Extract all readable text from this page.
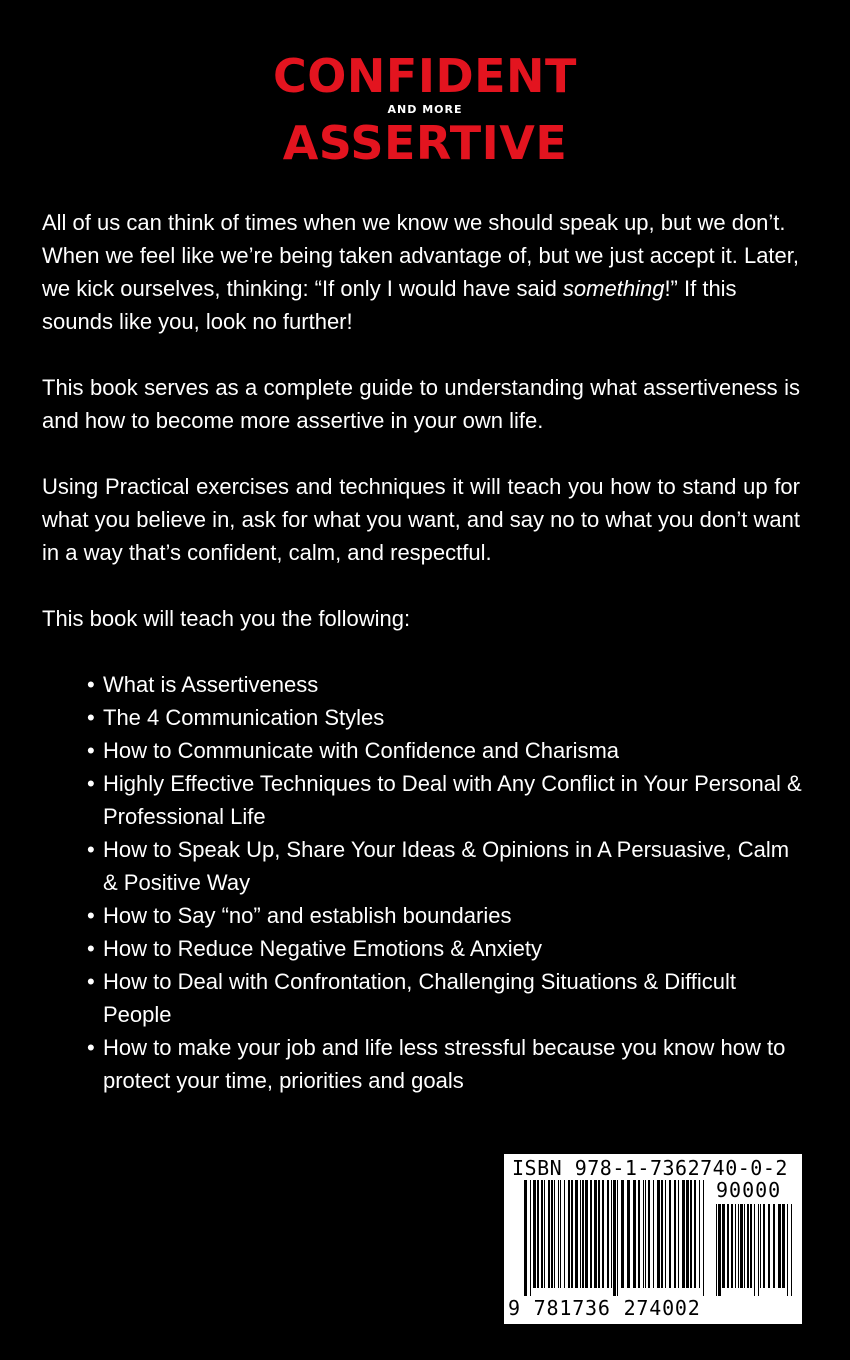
CONFIDENT
AND MORE
ASSERTIVE

All of us can think of times when we know we should speak up, but we don’t. When we feel like we’re being taken advantage of, but we just accept it. Later, we kick ourselves, thinking: “If only I would have said something!” If this sounds like you, look no further!

This book serves as a complete guide to understanding what assertiveness is and how to become more assertive in your own life.

Using Practical exercises and techniques it will teach you how to stand up for what you believe in, ask for what you want, and say no to what you don’t want in a way that’s confident, calm, and respectful.

This book will teach you the following:

• What is Assertiveness
• The 4 Communication Styles
• How to Communicate with Confidence and Charisma
• Highly Effective Techniques to Deal with Any Conflict in Your Personal & Professional Life
• How to Speak Up, Share Your Ideas & Opinions in A Persuasive, Calm & Positive Way
• How to Say “no” and establish boundaries
• How to Reduce Negative Emotions & Anxiety
• How to Deal with Confrontation, Challenging Situations & Difficult People
• How to make your job and life less stressful because you know how to protect your time, priorities and goals
ISBN 978-1-7362740-0-2
90000
9 781736 274002
